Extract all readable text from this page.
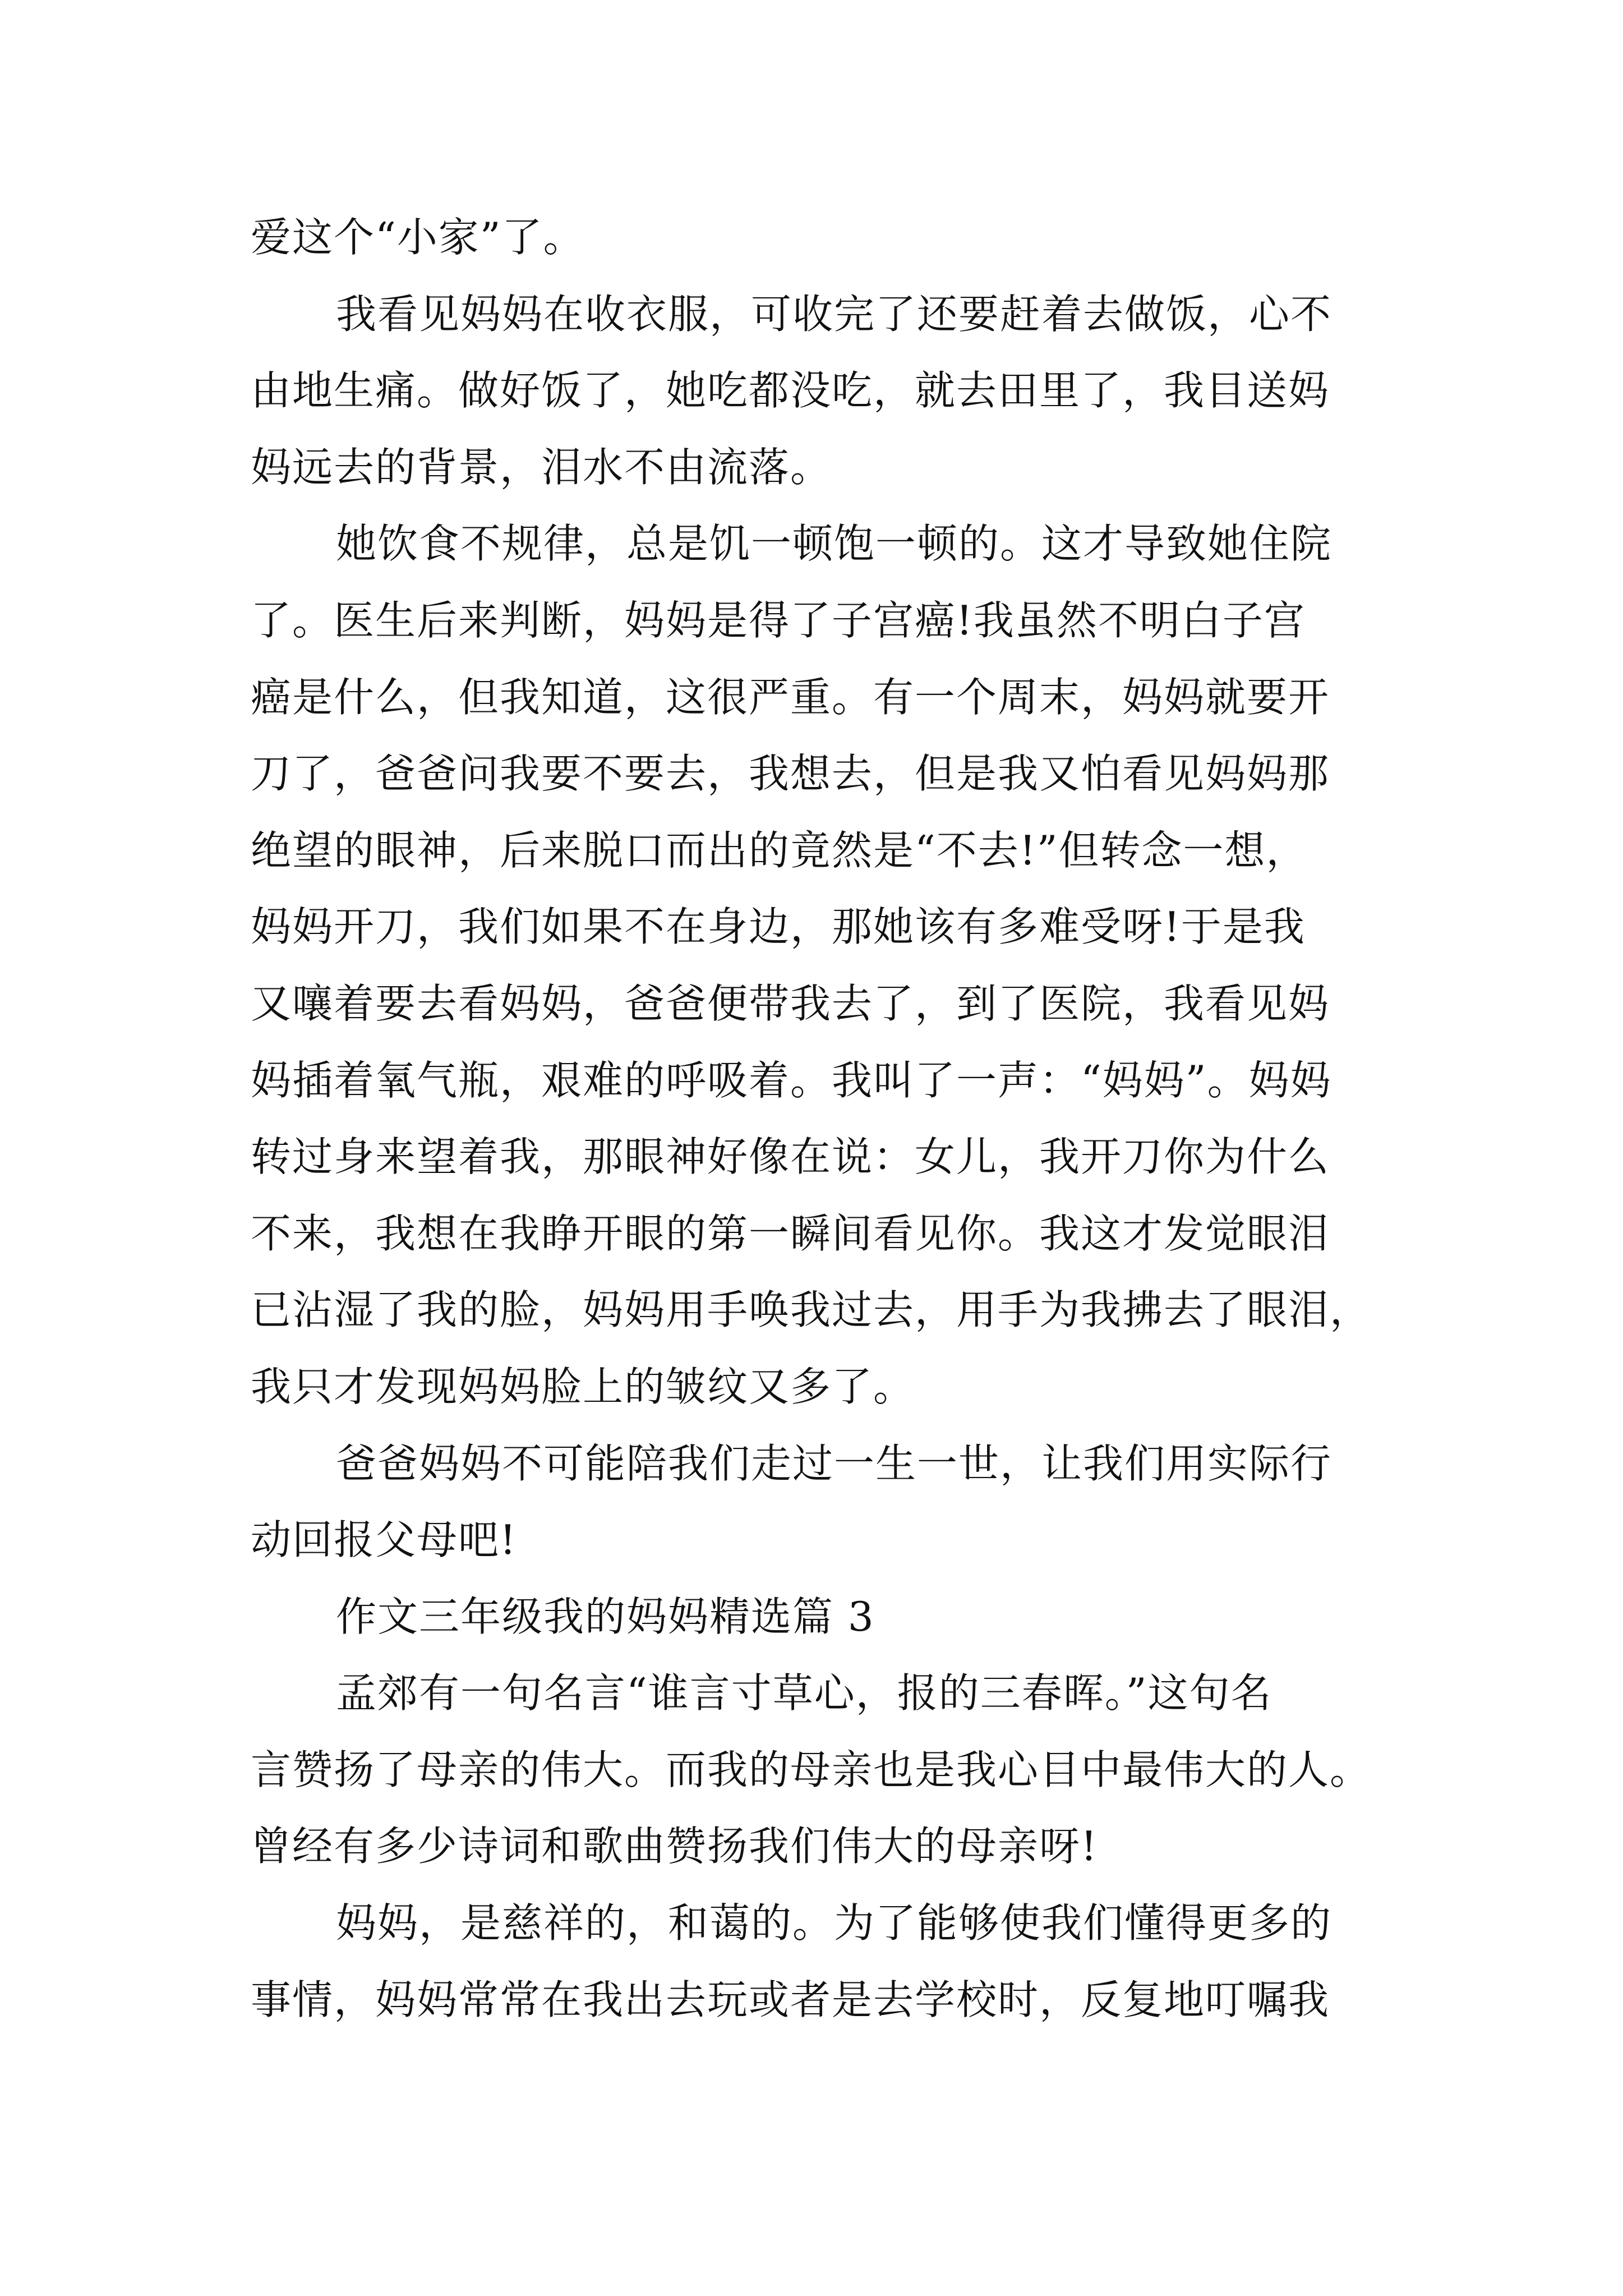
爱这个“小家”了。
我看见妈妈在收衣服，可收完了还要赶着去做饭，心不
由地生痛。做好饭了，她吃都没吃，就去田里了，我目送妈
妈远去的背景，泪水不由流落。
她饮食不规律，总是饥一顿饱一顿的。这才导致她住院
了。医生后来判断，妈妈是得了子宫癌!我虽然不明白子宫
癌是什么，但我知道，这很严重。有一个周末，妈妈就要开
刀了，爸爸问我要不要去，我想去，但是我又怕看见妈妈那
绝望的眼神，后来脱口而出的竟然是“不去!”但转念一想，
妈妈开刀，我们如果不在身边，那她该有多难受呀!于是我
又嚷着要去看妈妈，爸爸便带我去了，到了医院，我看见妈
妈插着氧气瓶，艰难的呼吸着。我叫了一声：“妈妈”。妈妈
转过身来望着我，那眼神好像在说：女儿，我开刀你为什么
不来，我想在我睁开眼的第一瞬间看见你。我这才发觉眼泪
已沾湿了我的脸，妈妈用手唤我过去，用手为我拂去了眼泪，
我只才发现妈妈脸上的皱纹又多了。
爸爸妈妈不可能陪我们走过一生一世，让我们用实际行
动回报父母吧!
作文三年级我的妈妈精选篇 3
孟郊有一句名言“谁言寸草心，报的三春晖。”这句名
言赞扬了母亲的伟大。而我的母亲也是我心目中最伟大的人。
曾经有多少诗词和歌曲赞扬我们伟大的母亲呀!
妈妈，是慈祥的，和蔼的。为了能够使我们懂得更多的
事情，妈妈常常在我出去玩或者是去学校时，反复地叮嘱我
